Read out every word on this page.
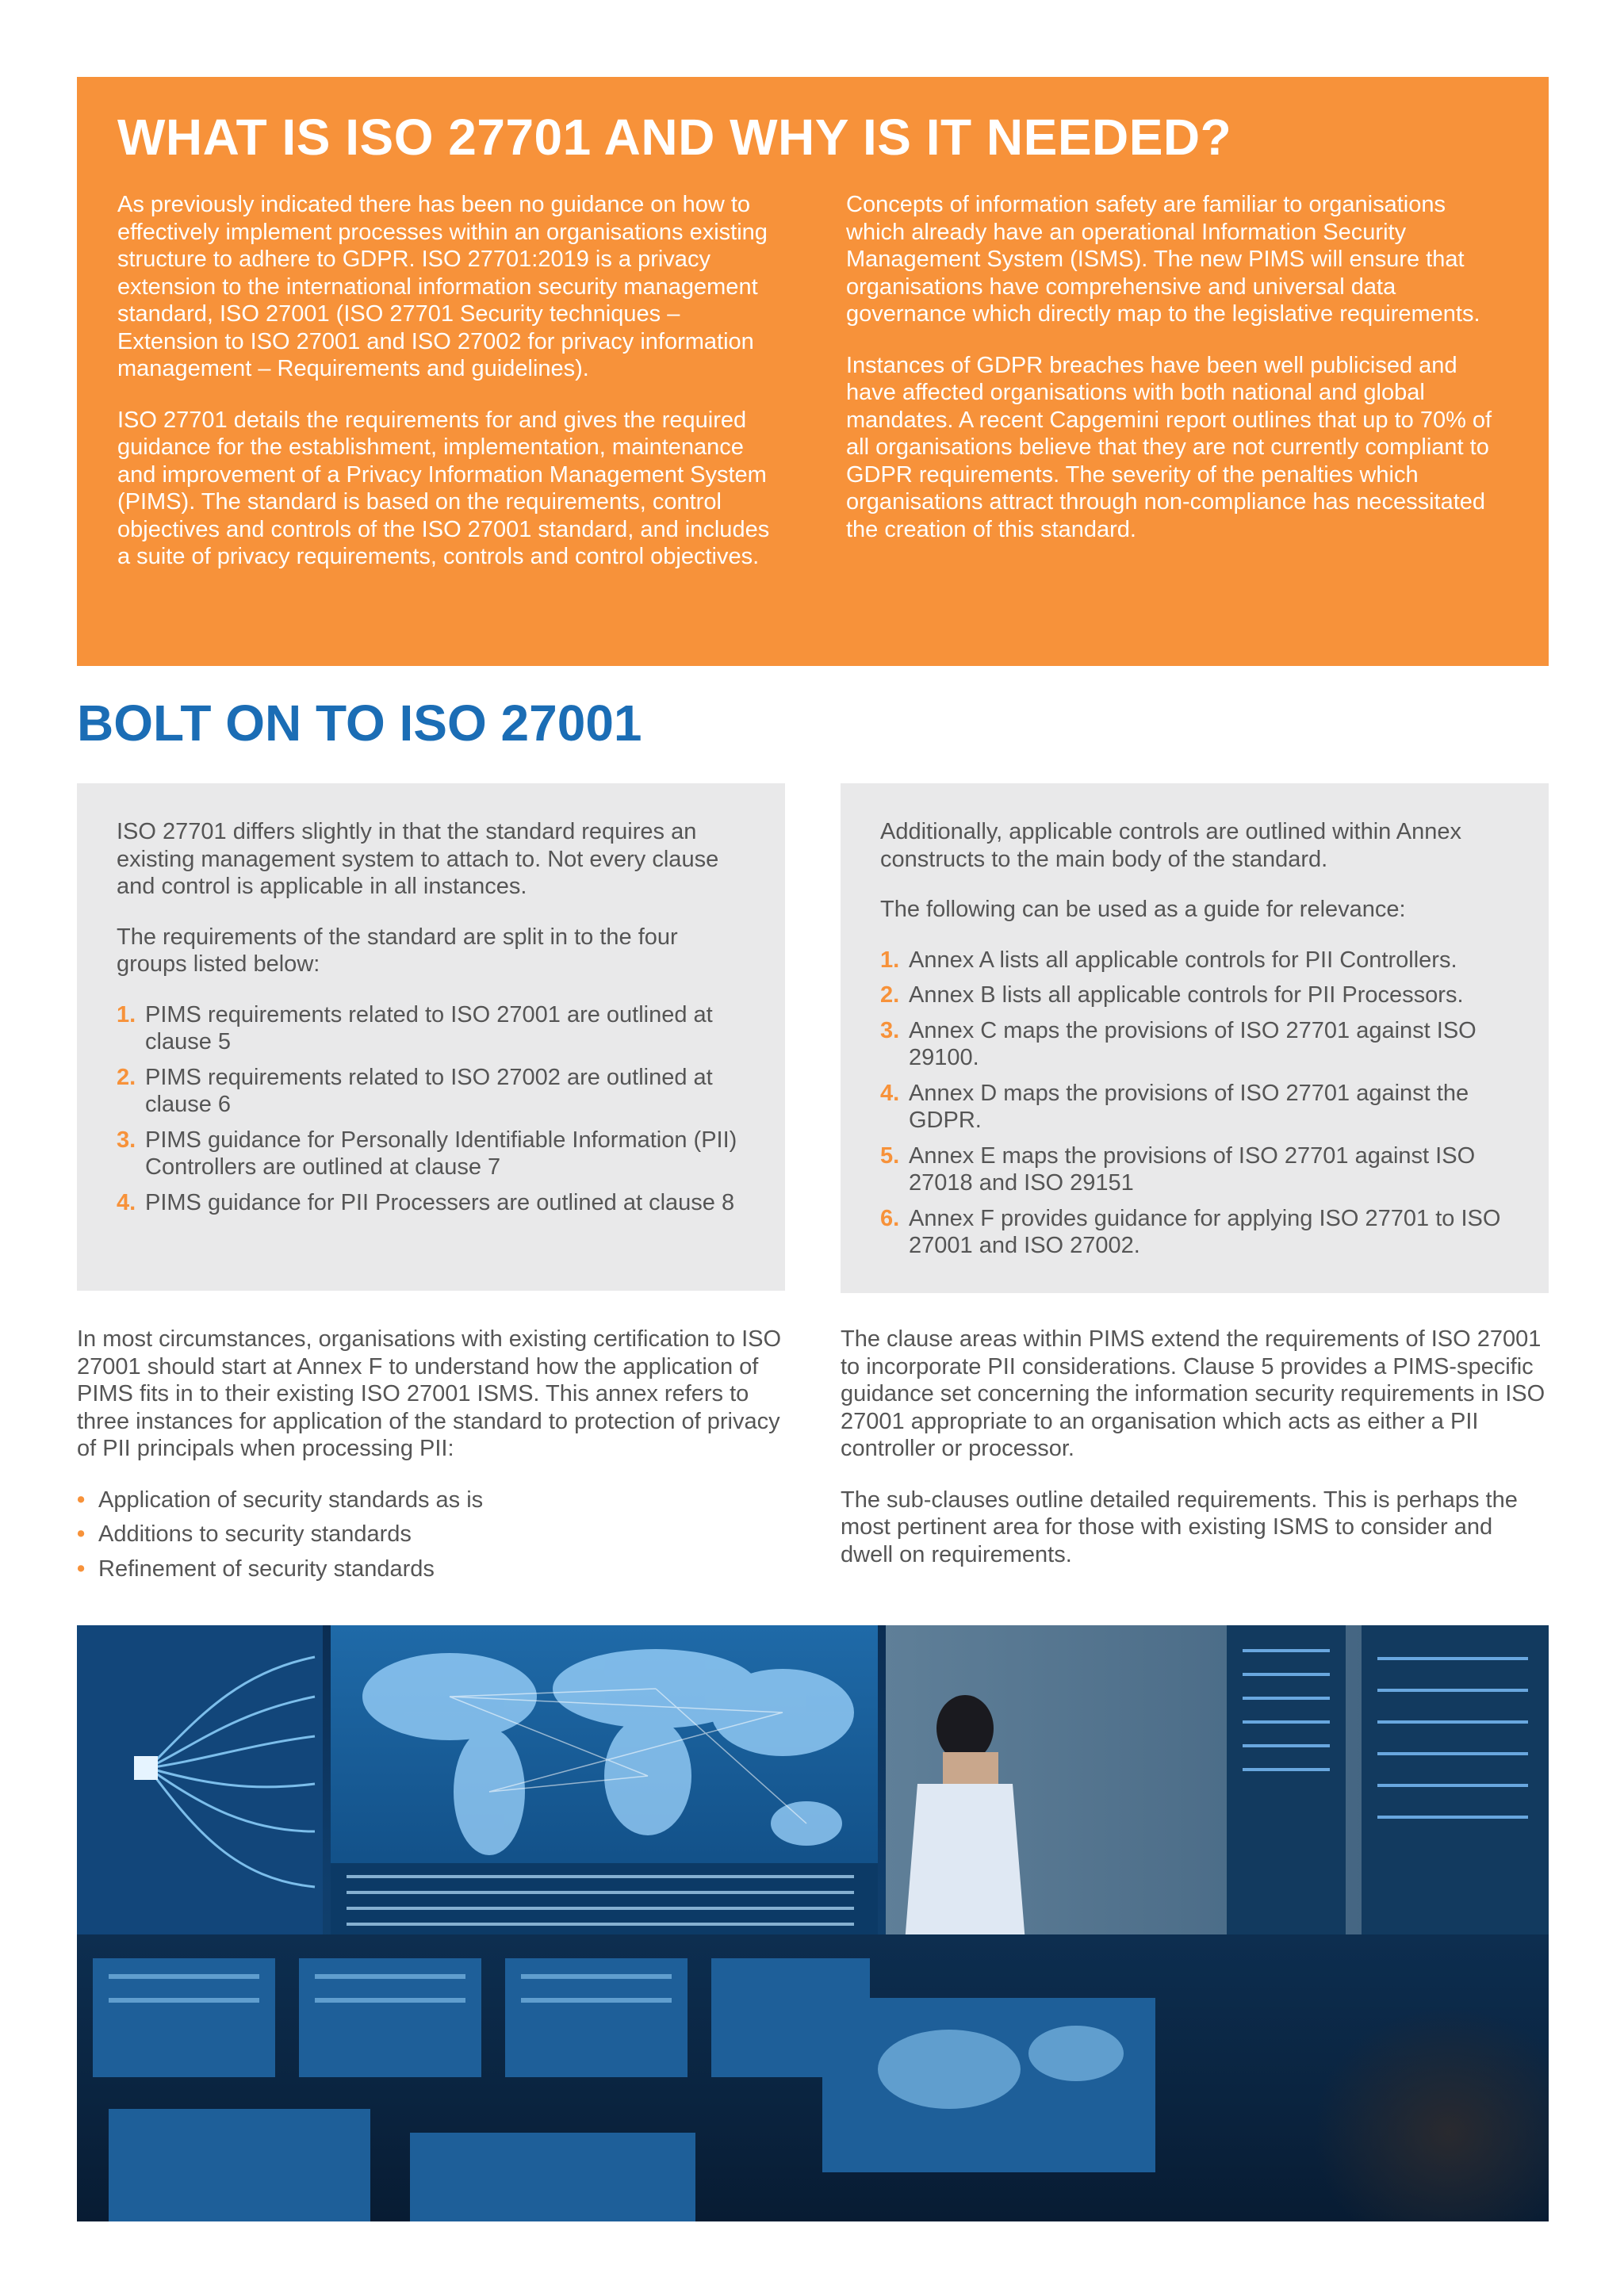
WHAT IS ISO 27701 AND WHY IS IT NEEDED?

As previously indicated there has been no guidance on how to effectively implement processes within an organisations existing structure to adhere to GDPR. ISO 27701:2019 is a privacy extension to the international information security management standard, ISO 27001 (ISO 27701 Security techniques – Extension to ISO 27001 and ISO 27002 for privacy information management – Requirements and guidelines).

ISO 27701 details the requirements for and gives the required guidance for the establishment, implementation, maintenance and improvement of a Privacy Information Management System (PIMS). The standard is based on the requirements, control objectives and controls of the ISO 27001 standard, and includes a suite of privacy requirements, controls and control objectives.

Concepts of information safety are familiar to organisations which already have an operational Information Security Management System (ISMS). The new PIMS will ensure that organisations have comprehensive and universal data governance which directly map to the legislative requirements.

Instances of GDPR breaches have been well publicised and have affected organisations with both national and global mandates. A recent Capgemini report outlines that up to 70% of all organisations believe that they are not currently compliant to GDPR requirements. The severity of the penalties which organisations attract through non-compliance has necessitated the creation of this standard.

BOLT ON TO ISO 27001

ISO 27701 differs slightly in that the standard requires an existing management system to attach to. Not every clause and control is applicable in all instances.

The requirements of the standard are split in to the four groups listed below:

1. PIMS requirements related to ISO 27001 are outlined at clause 5
2. PIMS requirements related to ISO 27002 are outlined at clause 6
3. PIMS guidance for Personally Identifiable Information (PII) Controllers are outlined at clause 7
4. PIMS guidance for PII Processers are outlined at clause 8

Additionally, applicable controls are outlined within Annex constructs to the main body of the standard.

The following can be used as a guide for relevance:

1. Annex A lists all applicable controls for PII Controllers.
2. Annex B lists all applicable controls for PII Processors.
3. Annex C maps the provisions of ISO 27701 against ISO 29100.
4. Annex D maps the provisions of ISO 27701 against the GDPR.
5. Annex E maps the provisions of ISO 27701 against ISO 27018 and ISO 29151
6. Annex F provides guidance for applying ISO 27701 to ISO 27001 and ISO 27002.

In most circumstances, organisations with existing certification to ISO 27001 should start at Annex F to understand how the application of PIMS fits in to their existing ISO 27001 ISMS. This annex refers to three instances for application of the standard to protection of privacy of PII principals when processing PII:

• Application of security standards as is
• Additions to security standards
• Refinement of security standards

The clause areas within PIMS extend the requirements of ISO 27001 to incorporate PII considerations. Clause 5 provides a PIMS-specific guidance set concerning the information security requirements in ISO 27001 appropriate to an organisation which acts as either a PII controller or processor.

The sub-clauses outline detailed requirements. This is perhaps the most pertinent area for those with existing ISMS to consider and dwell on requirements.
